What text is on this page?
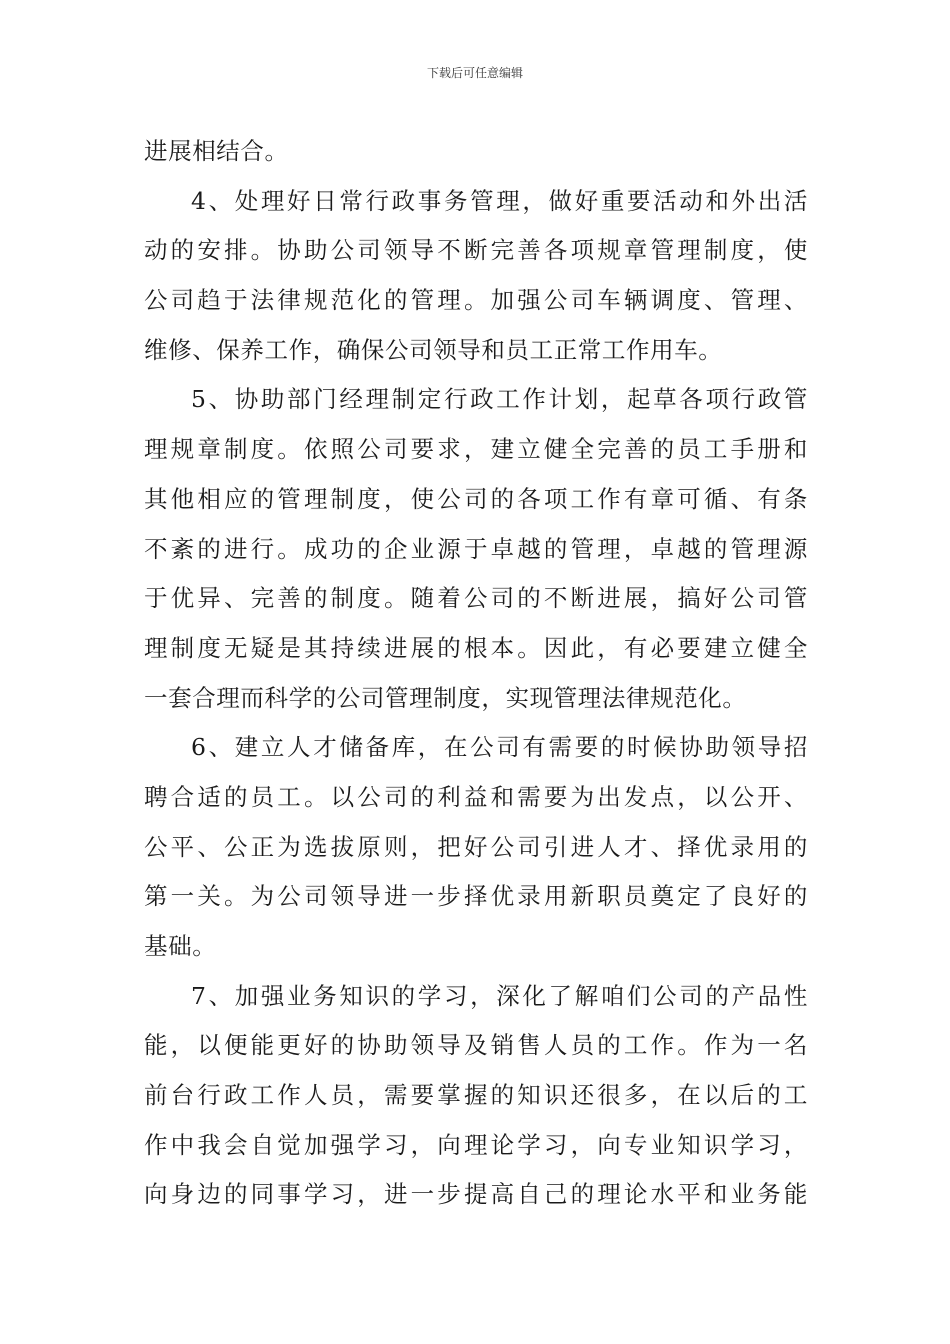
下载后可任意编辑
进展相结合。
4、处理好日常行政事务管理，做好重要活动和外出活
动的安排。协助公司领导不断完善各项规章管理制度，使
公司趋于法律规范化的管理。加强公司车辆调度、管理、
维修、保养工作，确保公司领导和员工正常工作用车。
5、协助部门经理制定行政工作计划，起草各项行政管
理规章制度。依照公司要求，建立健全完善的员工手册和
其他相应的管理制度，使公司的各项工作有章可循、有条
不紊的进行。成功的企业源于卓越的管理，卓越的管理源
于优异、完善的制度。随着公司的不断进展，搞好公司管
理制度无疑是其持续进展的根本。因此，有必要建立健全
一套合理而科学的公司管理制度，实现管理法律规范化。
6、建立人才储备库，在公司有需要的时候协助领导招
聘合适的员工。以公司的利益和需要为出发点，以公开、
公平、公正为选拔原则，把好公司引进人才、择优录用的
第一关。为公司领导进一步择优录用新职员奠定了良好的
基础。
7、加强业务知识的学习，深化了解咱们公司的产品性
能，以便能更好的协助领导及销售人员的工作。作为一名
前台行政工作人员，需要掌握的知识还很多，在以后的工
作中我会自觉加强学习，向理论学习，向专业知识学习，
向身边的同事学习，进一步提高自己的理论水平和业务能
